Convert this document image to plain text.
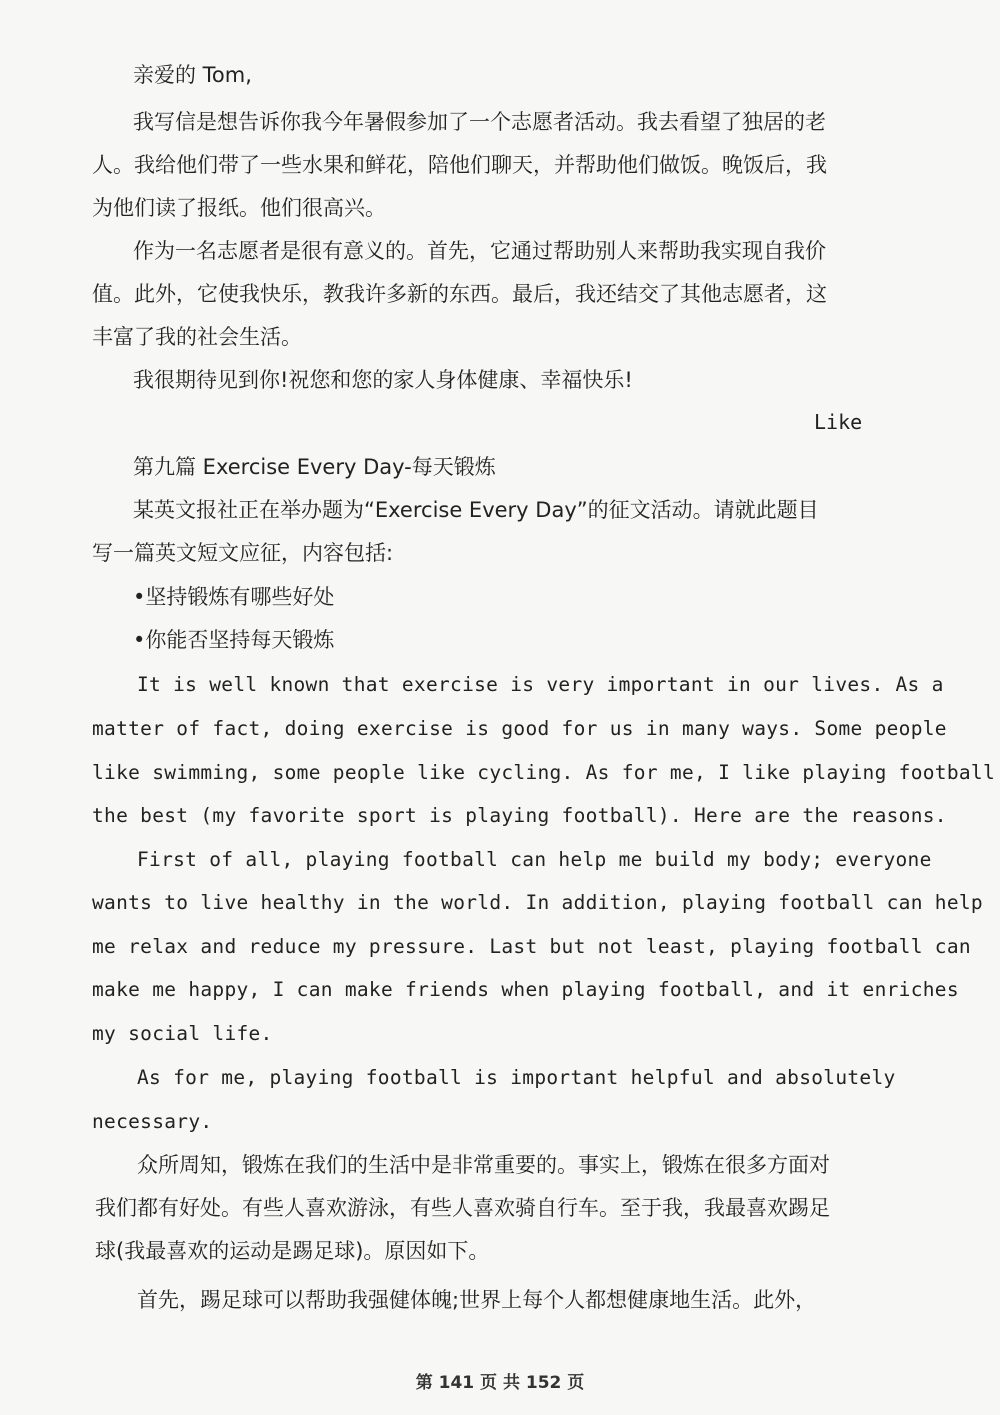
亲爱的 Tom,
我写信是想告诉你我今年暑假参加了一个志愿者活动。我去看望了独居的老
人。我给他们带了一些水果和鲜花，陪他们聊天，并帮助他们做饭。晚饭后，我
为他们读了报纸。他们很高兴。
作为一名志愿者是很有意义的。首先，它通过帮助别人来帮助我实现自我价
值。此外，它使我快乐，教我许多新的东西。最后，我还结交了其他志愿者，这
丰富了我的社会生活。
我很期待见到你!祝您和您的家人身体健康、幸福快乐!
Like
第九篇 Exercise Every Day-每天锻炼
某英文报社正在举办题为“Exercise Every Day”的征文活动。请就此题目
写一篇英文短文应征，内容包括:
•坚持锻炼有哪些好处
•你能否坚持每天锻炼
It is well known that exercise is very important in our lives. As a
matter of fact, doing exercise is good for us in many ways. Some people
like swimming, some people like cycling. As for me, I like playing football
the best (my favorite sport is playing football). Here are the reasons.
First of all, playing football can help me build my body; everyone
wants to live healthy in the world. In addition, playing football can help
me relax and reduce my pressure. Last but not least, playing football can
make me happy, I can make friends when playing football, and it enriches
my social life.
As for me, playing football is important helpful and absolutely
necessary.
众所周知，锻炼在我们的生活中是非常重要的。事实上，锻炼在很多方面对
我们都有好处。有些人喜欢游泳，有些人喜欢骑自行车。至于我，我最喜欢踢足
球(我最喜欢的运动是踢足球)。原因如下。
首先，踢足球可以帮助我强健体魄;世界上每个人都想健康地生活。此外，
第 141 页 共 152 页
